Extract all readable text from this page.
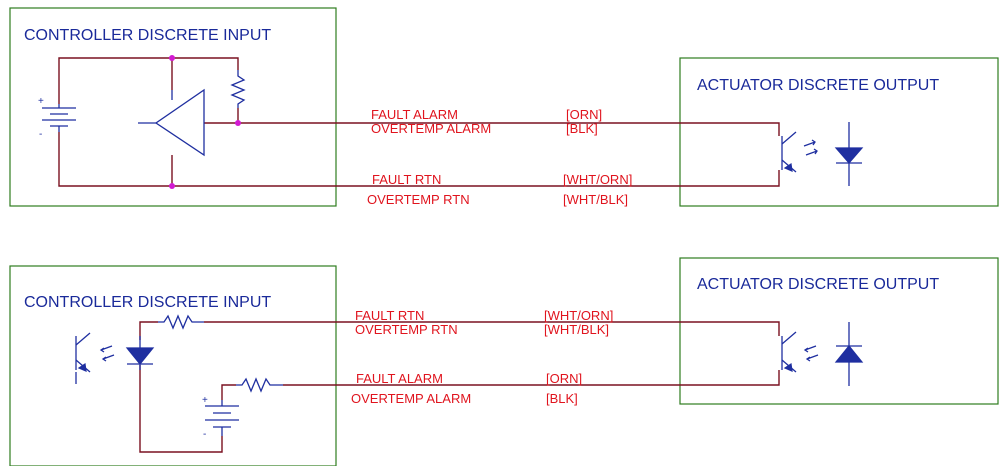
CONTROLLER DISCRETE INPUT
ACTUATOR DISCRETE OUTPUT
+
-
FAULT ALARM
OVERTEMP ALARM
[ORN]
[BLK]
FAULT RTN
OVERTEMP RTN
[WHT/ORN]
[WHT/BLK]
CONTROLLER DISCRETE INPUT
ACTUATOR DISCRETE OUTPUT
+
-
FAULT RTN
OVERTEMP RTN
[WHT/ORN]
[WHT/BLK]
FAULT ALARM
OVERTEMP ALARM
[ORN]
[BLK]
